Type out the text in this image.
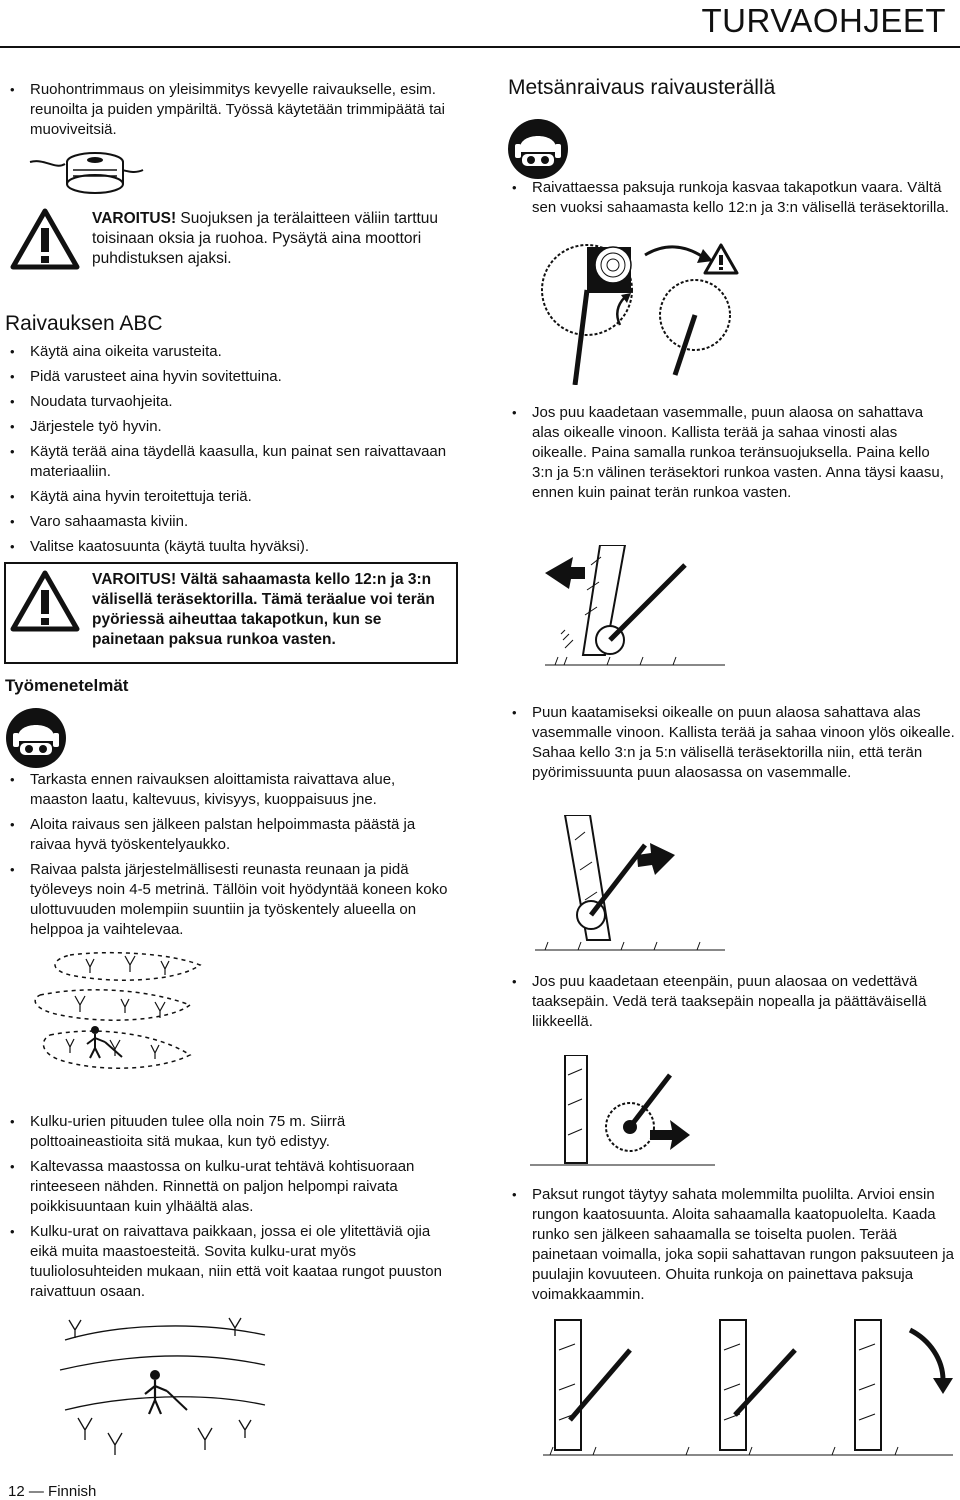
TURVAOHJEET
• Ruohontrimmaus on yleisimmitys kevyelle raivaukselle, esim. reunoilta ja puiden ympäriltä. Työssä käytetään trimmipäätä tai muoviveitsiä.
VAROITUS! Suojuksen ja terälaitteen väliin tarttuu toisinaan oksia ja ruohoa. Pysäytä aina moottori puhdistuksen ajaksi.
Raivauksen ABC
• Käytä aina oikeita varusteita.
• Pidä varusteet aina hyvin sovitettuina.
• Noudata turvaohjeita.
• Järjestele työ hyvin.
• Käytä terää aina täydellä kaasulla, kun painat sen raivattavaan materiaaliin.
• Käytä aina hyvin teroitettuja teriä.
• Varo sahaamasta kiviin.
• Valitse kaatosuunta (käytä tuulta hyväksi).
VAROITUS! Vältä sahaamasta kello 12:n ja 3:n välisellä teräsektorilla. Tämä teräalue voi terän pyöriessä aiheuttaa takapotkun, kun se painetaan paksua runkoa vasten.
Työmenetelmät
• Tarkasta ennen raivauksen aloittamista raivattava alue, maaston laatu, kaltevuus, kivisyys, kuoppaisuus jne.
• Aloita raivaus sen jälkeen palstan helpoimmasta päästä ja raivaa hyvä työskentelyaukko.
• Raivaa palsta järjestelmällisesti reunasta reunaan ja pidä työleveys noin 4-5 metrinä. Tällöin voit hyödyntää koneen koko ulottuvuuden molempiin suuntiin ja työskentely alueella on helppoa ja vaihtelevaa.
• Kulku-urien pituuden tulee olla noin 75 m. Siirrä polttoaineastioita sitä mukaa, kun työ edistyy.
• Kaltevassa maastossa on kulku-urat tehtävä kohtisuoraan rinteeseen nähden. Rinnettä on paljon helpompi raivata poikkisuuntaan kuin ylhäältä alas.
• Kulku-urat on raivattava paikkaan, jossa ei ole ylitettäviä ojia eikä muita maastoesteitä. Sovita kulku-urat myös tuuliolosuhteiden mukaan, niin että voit kaataa rungot puuston raivattuun osaan.
Metsänraivaus raivausterällä
• Raivattaessa paksuja runkoja kasvaa takapotkun vaara. Vältä sen vuoksi sahaamasta kello 12:n ja 3:n välisellä teräsektorilla.
• Jos puu kaadetaan vasemmalle, puun alaosa on sahattava alas oikealle vinoon. Kallista terää ja sahaa vinosti alas oikealle. Paina samalla runkoa teränsuojuksella. Paina kello 3:n ja 5:n välinen teräsektori runkoa vasten. Anna täysi kaasu, ennen kuin painat terän runkoa vasten.
• Puun kaatamiseksi oikealle on puun alaosa sahattava alas vasemmalle vinoon. Kallista terää ja sahaa vinoon ylös oikealle. Sahaa kello 3:n ja 5:n välisellä teräsektorilla niin, että terän pyörimissuunta puun alaosassa on vasemmalle.
• Jos puu kaadetaan eteenpäin, puun alaosaa on vedettävä taaksepäin. Vedä terä taaksepäin nopealla ja päättäväisellä liikkeellä.
• Paksut rungot täytyy sahata molemmilta puolilta. Arvioi ensin rungon kaatosuunta. Aloita sahaamalla kaatopuolelta. Kaada runko sen jälkeen sahaamalla se toiselta puolen. Terää painetaan voimalla, joka sopii sahattavan rungon paksuuteen ja puulajin kovuuteen. Ohuita runkoja on painettava paksuja voimakkaammin.
12 — Finnish
